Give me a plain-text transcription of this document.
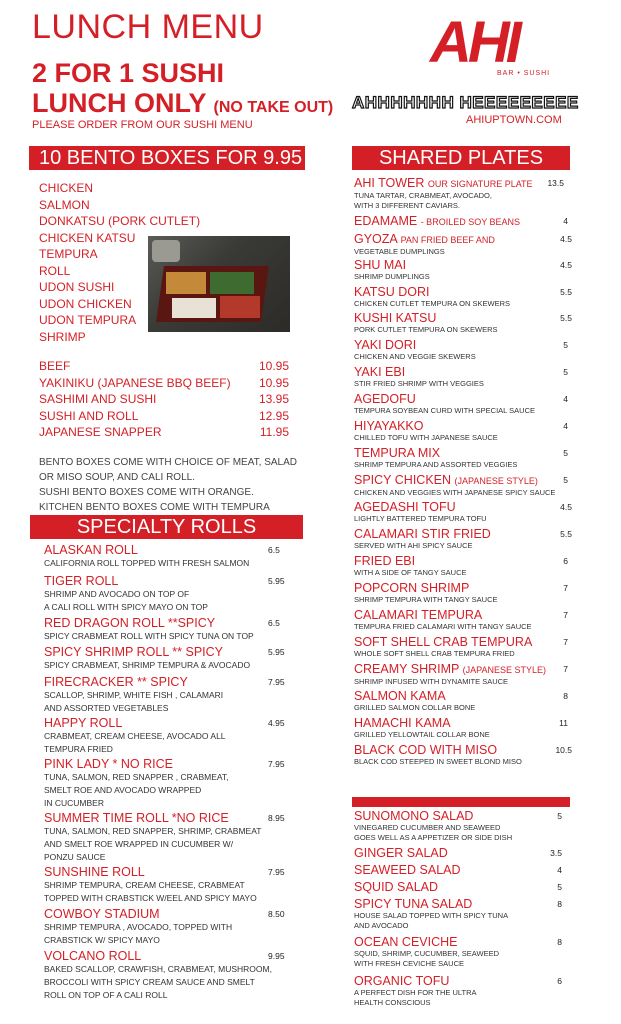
LUNCH MENU
2 FOR 1 SUSHI
LUNCH ONLY (NO TAKE OUT)
PLEASE ORDER FROM OUR SUSHI MENU
AHI
BAR • SUSHI
AHHHHHHH HEEEEEEEEE
AHIUPTOWN.COM
10 BENTO BOXES FOR 9.95
CHICKEN
SALMON
DONKATSU (PORK CUTLET)
CHICKEN KATSU
TEMPURA
ROLL
UDON SUSHI
UDON CHICKEN
UDON TEMPURA
SHRIMP
BEEF	10.95
YAKINIKU (JAPANESE BBQ BEEF) 10.95
SASHIMI AND SUSHI	13.95
SUSHI AND ROLL	12.95
JAPANESE SNAPPER	11.95
BENTO BOXES COME WITH CHOICE OF MEAT, SALAD
OR MISO SOUP, AND CALI ROLL.
SUSHI BENTO BOXES COME WITH ORANGE.
KITCHEN BENTO BOXES COME WITH TEMPURA
SPECIALTY ROLLS
ALASKAN ROLL	6.5
CALIFORNIA ROLL TOPPED WITH FRESH SALMON
TIGER ROLL	5.95
SHRIMP AND AVOCADO ON TOP OF
A CALI ROLL WITH SPICY MAYO ON TOP
RED DRAGON ROLL **SPICY	6.5
SPICY CRABMEAT ROLL WITH SPICY TUNA ON TOP
SPICY SHRIMP ROLL ** SPICY	5.95
SPICY CRABMEAT, SHRIMP TEMPURA & AVOCADO
FIRECRACKER ** SPICY	7.95
SCALLOP, SHRIMP, WHITE FISH , CALAMARI
AND ASSORTED VEGETABLES
HAPPY ROLL	4.95
CRABMEAT, CREAM CHEESE, AVOCADO ALL
TEMPURA FRIED
PINK LADY * NO RICE	7.95
TUNA, SALMON, RED SNAPPER , CRABMEAT,
SMELT ROE AND AVOCADO WRAPPED
IN CUCUMBER
SUMMER TIME ROLL *NO RICE	8.95
TUNA, SALMON, RED SNAPPER, SHRIMP, CRABMEAT
AND SMELT ROE WRAPPED IN CUCUMBER W/
PONZU SAUCE
SUNSHINE ROLL	7.95
SHRIMP TEMPURA, CREAM CHEESE, CRABMEAT
TOPPED WITH CRABSTICK W/EEL AND SPICY MAYO
COWBOY STADIUM	8.50
SHRIMP TEMPURA , AVOCADO, TOPPED WITH
CRABSTICK W/ SPICY MAYO
VOLCANO ROLL	9.95
BAKED SCALLOP, CRAWFISH, CRABMEAT, MUSHROOM,
BROCCOLI WITH SPICY CREAM SAUCE AND SMELT
ROLL ON TOP OF A CALI ROLL
SHARED PLATES
AHI TOWER OUR SIGNATURE PLATE	13.5
TUNA TARTAR, CRABMEAT, AVOCADO,
WITH 3 DIFFERENT CAVIARS.
EDAMAME - BROILED SOY BEANS	4
GYOZA PAN FRIED BEEF AND	4.5
VEGETABLE DUMPLINGS
SHU MAI	4.5
SHRIMP DUMPLINGS
KATSU DORI	5.5
CHICKEN CUTLET TEMPURA ON SKEWERS
KUSHI KATSU	5.5
PORK CUTLET TEMPURA ON SKEWERS
YAKI DORI	5
CHICKEN AND VEGGIE SKEWERS
YAKI EBI	5
STIR FRIED SHRIMP WITH VEGGIES
AGEDOFU	4
TEMPURA SOYBEAN CURD WITH SPECIAL SAUCE
HIYAYAKKO	4
CHILLED TOFU WITH JAPANESE SAUCE
TEMPURA MIX	5
SHRIMP TEMPURA AND ASSORTED VEGGIES
SPICY CHICKEN (JAPANESE STYLE)	5
CHICKEN AND VEGGIES WITH JAPANESE SPICY SAUCE
AGEDASHI TOFU	4.5
LIGHTLY BATTERED TEMPURA TOFU
CALAMARI STIR FRIED	5.5
SERVED WITH AHI SPICY SAUCE
FRIED EBI	6
WITH A SIDE OF TANGY SAUCE
POPCORN SHRIMP	7
SHRIMP TEMPURA WITH TANGY SAUCE
CALAMARI TEMPURA	7
TEMPURA FRIED CALAMARI WITH TANGY SAUCE
SOFT SHELL CRAB TEMPURA	7
WHOLE SOFT SHELL CRAB TEMPURA FRIED
CREAMY SHRIMP (JAPANESE STYLE)	7
SHRIMP INFUSED WITH DYNAMITE SAUCE
SALMON KAMA	8
GRILLED SALMON COLLAR BONE
HAMACHI KAMA	11
GRILLED YELLOWTAIL COLLAR BONE
BLACK COD WITH MISO	10.5
BLACK COD STEEPED IN SWEET BLOND MISO
SUNOMONO SALAD	5
VINEGARED CUCUMBER AND SEAWEED
GOES WELL AS A APPETIZER OR SIDE DISH
GINGER SALAD	3.5
SEAWEED SALAD	4
SQUID SALAD	5
SPICY TUNA SALAD	8
HOUSE SALAD TOPPED WITH SPICY TUNA
AND AVOCADO
OCEAN CEVICHE	8
SQUID, SHRIMP, CUCUMBER, SEAWEED
WITH FRESH CEVICHE SAUCE
ORGANIC TOFU	6
A PERFECT DISH FOR THE ULTRA
HEALTH CONSCIOUS
